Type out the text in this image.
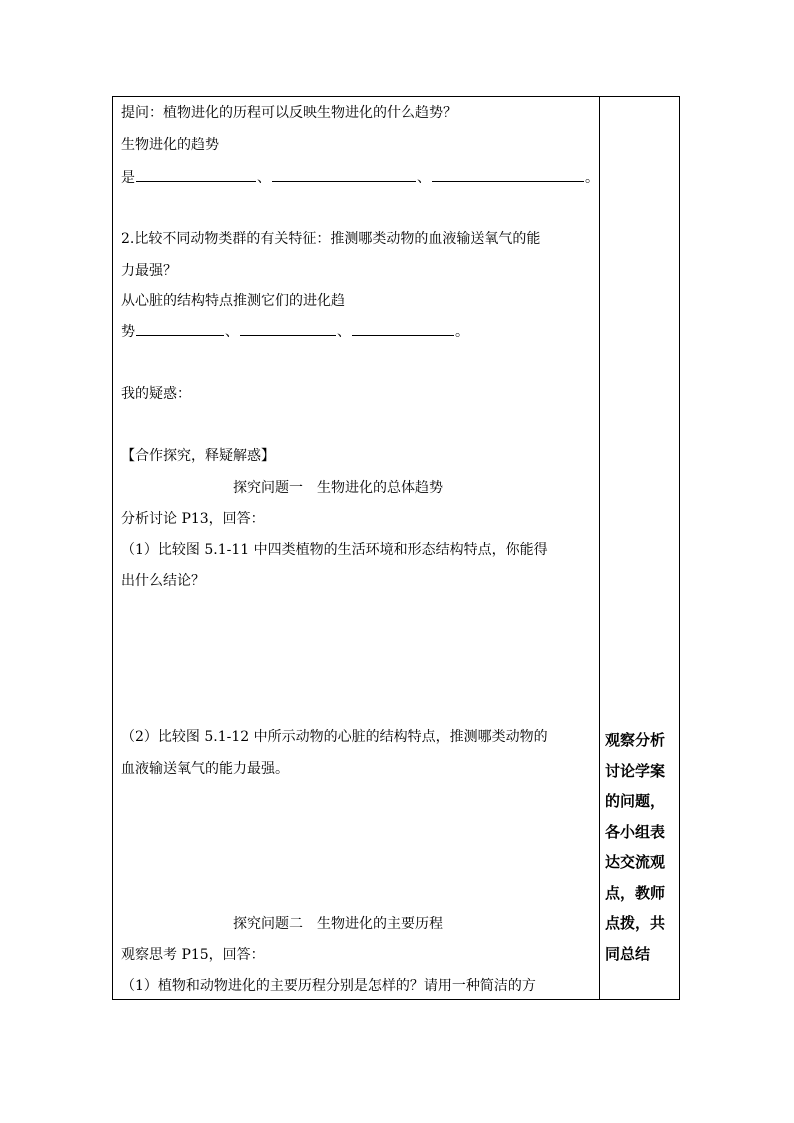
提问：植物进化的历程可以反映生物进化的什么趋势？
生物进化的趋势
是	、	、	。
2.比较不同动物类群的有关特征：推测哪类动物的血液输送氧气的能
力最强？
从心脏的结构特点推测它们的进化趋
势	、	、	。
我的疑惑：
【合作探究，释疑解惑】
探究问题一　生物进化的总体趋势
分析讨论 P13，回答：
（1）比较图 5.1-11 中四类植物的生活环境和形态结构特点，你能得
出什么结论？
（2）比较图 5.1-12 中所示动物的心脏的结构特点，推测哪类动物的
血液输送氧气的能力最强。
探究问题二　生物进化的主要历程
观察思考 P15，回答：
（1）植物和动物进化的主要历程分别是怎样的？请用一种简洁的方
观察分析
讨论学案
的问题，
各小组表
达交流观
点，教师
点拨，共
同总结
